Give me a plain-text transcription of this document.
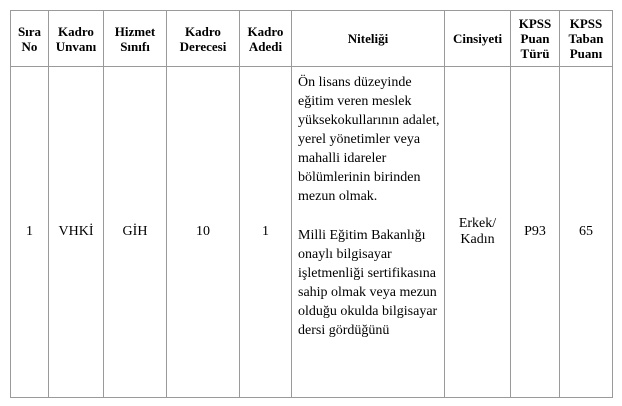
Sıra No	Kadro Unvanı	Hizmet Sınıfı	Kadro Derecesi	Kadro Adedi	Niteliği	Cinsiyeti	KPSS Puan Türü	KPSS Taban Puanı
1	VHKİ	GİH	10	1	Ön lisans düzeyinde eğitim veren meslek yüksekokullarının adalet, yerel yönetimler veya mahalli idareler bölümlerinin birinden mezun olmak.
Milli Eğitim Bakanlığı onaylı bilgisayar işletmenliği sertifikasına sahip olmak veya mezun olduğu okulda bilgisayar dersi gördüğünü	Erkek/ Kadın	P93	65
